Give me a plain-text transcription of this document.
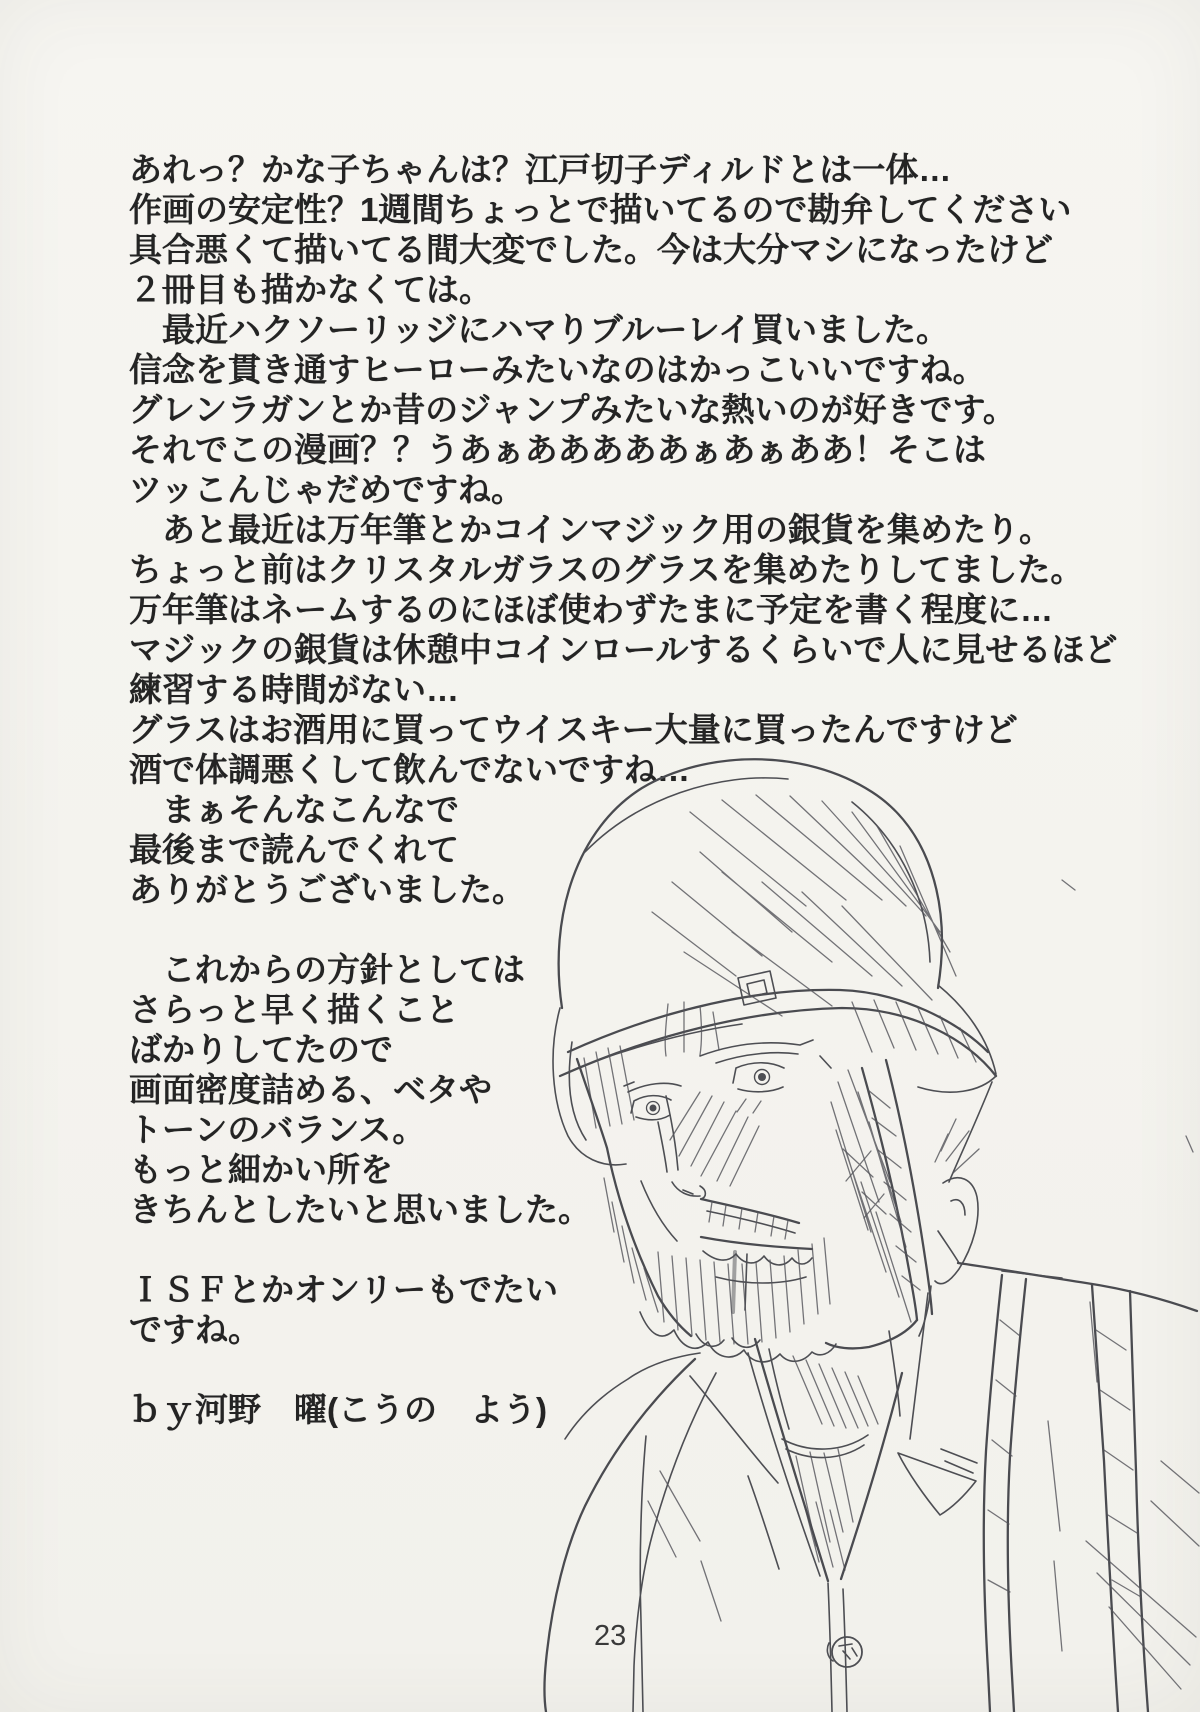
あれっ？かな子ちゃんは？江戸切子ディルドとは一体…
作画の安定性？1週間ちょっとで描いてるので勘弁してください
具合悪くて描いてる間大変でした。今は大分マシになったけど
２冊目も描かなくては。
　最近ハクソーリッジにハマりブルーレイ買いました。
信念を貫き通すヒーローみたいなのはかっこいいですね。
グレンラガンとか昔のジャンプみたいな熱いのが好きです。
それでこの漫画？？うあぁあああああぁあぁああ！そこは
ツッこんじゃだめですね。
　あと最近は万年筆とかコインマジック用の銀貨を集めたり。
ちょっと前はクリスタルガラスのグラスを集めたりしてました。
万年筆はネームするのにほぼ使わずたまに予定を書く程度に…
マジックの銀貨は休憩中コインロールするくらいで人に見せるほど
練習する時間がない…
グラスはお酒用に買ってウイスキー大量に買ったんですけど
酒で体調悪くして飲んでないですね…
　まぁそんなこんなで
最後まで読んでくれて
ありがとうございました。
　これからの方針としては
さらっと早く描くこと
ばかりしてたので
画面密度詰める、ベタや
トーンのバランス。
もっと細かい所を
きちんとしたいと思いました。
ＩＳＦとかオンリーもでたい
ですね。
ｂｙ河野　曜(こうの　よう)
23
